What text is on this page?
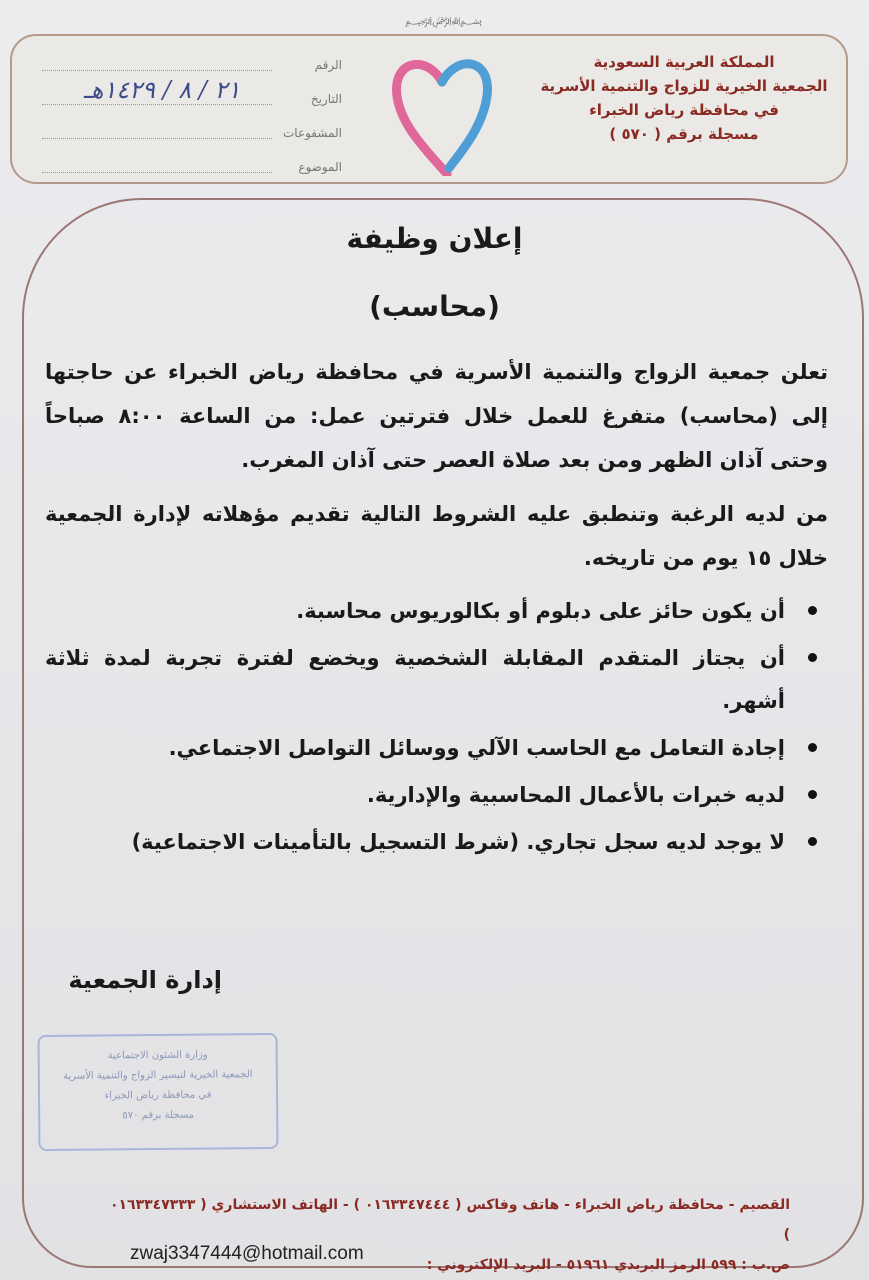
﷽
المملكة العربية السعودية
الجمعية الخيرية للزواج والتنمية الأسرية
في محافظة رياض الخبراء
مسجلة برقم ( ٥٧٠ )
الرقم
التاريخ
المشفوعات
الموضوع
٢١ / ٨ / ١٤٢٩هـ
إعلان وظيفة
(محاسب)
تعلن جمعية الزواج والتنمية الأسرية في محافظة رياض الخبراء عن حاجتها إلى (محاسب) متفرغ للعمل خلال فترتين عمل: من الساعة ٨:٠٠ صباحاً وحتى آذان الظهر ومن بعد صلاة العصر حتى آذان المغرب.
من لديه الرغبة وتنطبق عليه الشروط التالية تقديم مؤهلاته لإدارة الجمعية خلال ١٥ يوم من تاريخه.
أن يكون حائز على دبلوم أو بكالوريوس محاسبة.
أن يجتاز المتقدم المقابلة الشخصية ويخضع لفترة تجربة لمدة ثلاثة أشهر.
إجادة التعامل مع الحاسب الآلي ووسائل التواصل الاجتماعي.
لديه خبرات بالأعمال المحاسبية والإدارية.
لا يوجد لديه سجل تجاري. (شرط التسجيل بالتأمينات الاجتماعية)
إدارة الجمعية
وزارة الشئون الاجتماعية
الجمعية الخيرية لتيسير الزواج والتنمية الأسرية
في محافظة رياض الخبراء
مسجلة برقم ٥٧٠
القصيم - محافظة رياض الخبراء - هاتف وفاكس ( ٠١٦٣٣٤٧٤٤٤ ) - الهاتف الاستشاري ( ٠١٦٣٣٤٧٣٣٣ )
ص.ب : ٥٩٩ الرمز البريدي ٥١٩٦١ - البريد الإلكتروني :
zwaj3347444@hotmail.com
